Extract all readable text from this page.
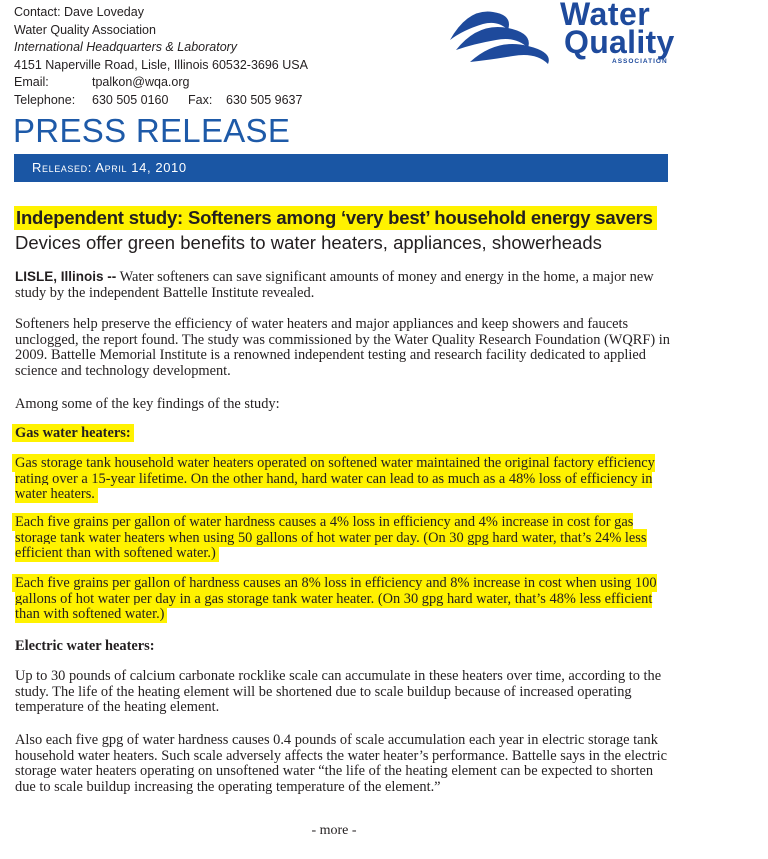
Contact: Dave Loveday
Water Quality Association
International Headquarters & Laboratory
4151 Naperville Road, Lisle, Illinois 60532-3696 USA
Email:	tpalkon@wqa.org
Telephone: 630 505 0160 Fax: 630 505 9637
Water
Quality
ASSOCIATION
PRESS RELEASE
Released: April 14, 2010
Independent study: Softeners among ‘very best’ household energy savers
Devices offer green benefits to water heaters, appliances, showerheads

LISLE, Illinois -- Water softeners can save significant amounts of money and energy in the home, a major new study by the independent Battelle Institute revealed.

Softeners help preserve the efficiency of water heaters and major appliances and keep showers and faucets unclogged, the report found. The study was commissioned by the Water Quality Research Foundation (WQRF) in 2009. Battelle Memorial Institute is a renowned independent testing and research facility dedicated to applied science and technology development.

Among some of the key findings of the study:

Gas water heaters:

Gas storage tank household water heaters operated on softened water maintained the original factory efficiency rating over a 15-year lifetime. On the other hand, hard water can lead to as much as a 48% loss of efficiency in water heaters.

Each five grains per gallon of water hardness causes a 4% loss in efficiency and 4% increase in cost for gas storage tank water heaters when using 50 gallons of hot water per day. (On 30 gpg hard water, that’s 24% less efficient than with softened water.)

Each five grains per gallon of hardness causes an 8% loss in efficiency and 8% increase in cost when using 100 gallons of hot water per day in a gas storage tank water heater. (On 30 gpg hard water, that’s 48% less efficient than with softened water.)

Electric water heaters:

Up to 30 pounds of calcium carbonate rocklike scale can accumulate in these heaters over time, according to the study. The life of the heating element will be shortened due to scale buildup because of increased operating temperature of the heating element.

Also each five gpg of water hardness causes 0.4 pounds of scale accumulation each year in electric storage tank household water heaters. Such scale adversely affects the water heater’s performance. Battelle says in the electric storage water heaters operating on unsoftened water “the life of the heating element can be expected to shorten due to scale buildup increasing the operating temperature of the element.”

- more -
